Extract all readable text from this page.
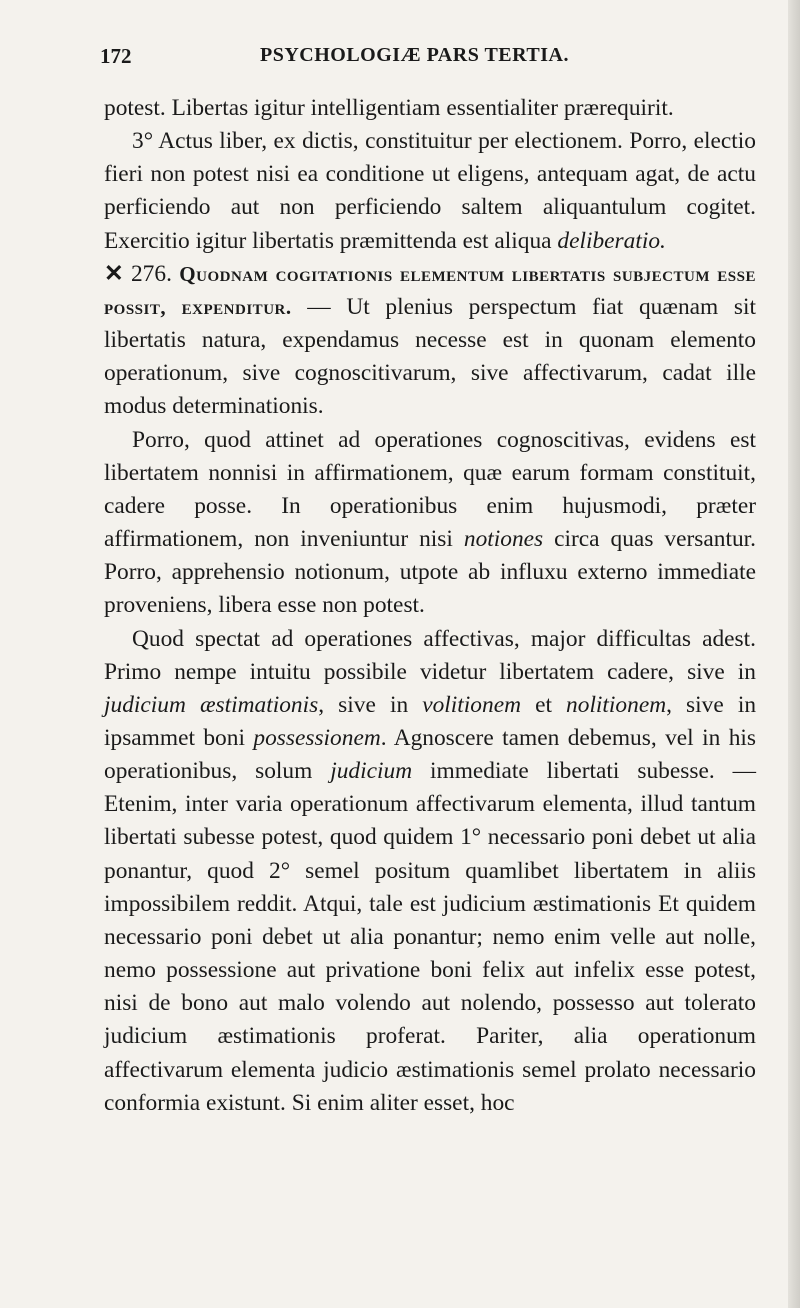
172	PSYCHOLOGIÆ PARS TERTIA.

potest. Libertas igitur intelligentiam essentialiter prærequirit.

3° Actus liber, ex dictis, constituitur per electionem. Porro, electio fieri non potest nisi ea conditione ut eligens, antequam agat, de actu perficiendo aut non perficiendo saltem aliquantulum cogitet. Exercitio igitur libertatis præmittenda est aliqua deliberatio.

✕ 276. Quodnam cogitationis elementum libertatis subjectum esse possit, expenditur. — Ut plenius perspectum fiat quænam sit libertatis natura, expendamus necesse est in quonam elemento operationum, sive cognoscitivarum, sive affectivarum, cadat ille modus determinationis.

Porro, quod attinet ad operationes cognoscitivas, evidens est libertatem nonnisi in affirmationem, quæ earum formam constituit, cadere posse. In operationibus enim hujusmodi, præter affirmationem, non inveniuntur nisi notiones circa quas versantur. Porro, apprehensio notionum, utpote ab influxu externo immediate proveniens, libera esse non potest.

Quod spectat ad operationes affectivas, major difficultas adest. Primo nempe intuitu possibile videtur libertatem cadere, sive in judicium æstimationis, sive in volitionem et nolitionem, sive in ipsammet boni possessionem. Agnoscere tamen debemus, vel in his operationibus, solum judicium immediate libertati subesse. — Etenim, inter varia operationum affectivarum elementa, illud tantum libertati subesse potest, quod quidem 1° necessario poni debet ut alia ponantur, quod 2° semel positum quamlibet libertatem in aliis impossibilem reddit. Atqui, tale est judicium æstimationis Et quidem necessario poni debet ut alia ponantur; nemo enim velle aut nolle, nemo possessione aut privatione boni felix aut infelix esse potest, nisi de bono aut malo volendo aut nolendo, possesso aut tolerato judicium æstimationis proferat. Pariter, alia operationum affectivarum elementa judicio æstimationis semel prolato necessario conformia existunt. Si enim aliter esset, hoc
